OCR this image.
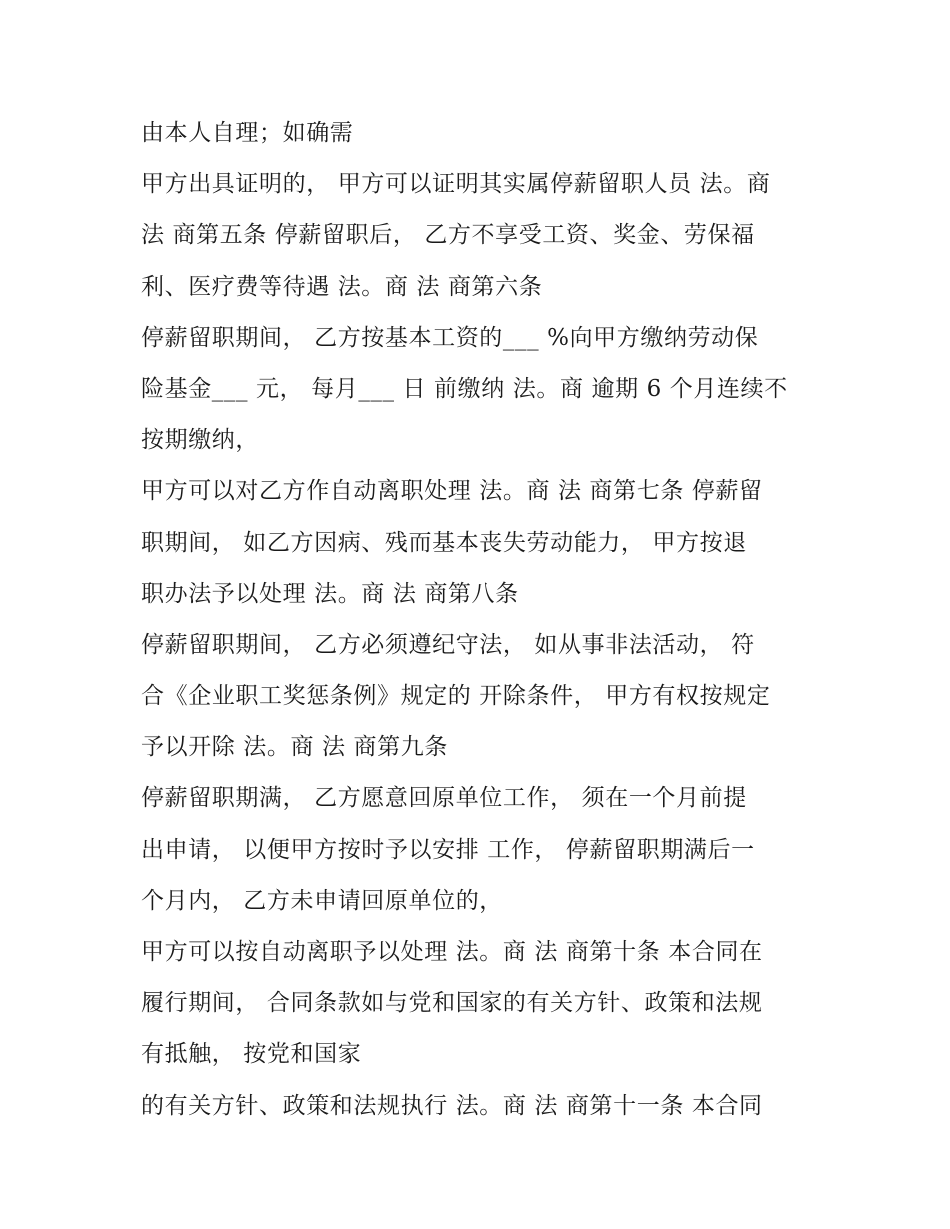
由本人自理；如确需
甲方出具证明的， 甲方可以证明其实属停薪留职人员 法。商
法 商第五条 停薪留职后， 乙方不享受工资、奖金、劳保福
利、医疗费等待遇 法。商 法 商第六条
停薪留职期间， 乙方按基本工资的___ %向甲方缴纳劳动保
险基金___ 元， 每月___ 日 前缴纳 法。商 逾期 6 个月连续不
按期缴纳，
甲方可以对乙方作自动离职处理 法。商 法 商第七条 停薪留
职期间， 如乙方因病、残而基本丧失劳动能力， 甲方按退
职办法予以处理 法。商 法 商第八条
停薪留职期间， 乙方必须遵纪守法， 如从事非法活动， 符
合《企业职工奖惩条例》规定的 开除条件， 甲方有权按规定
予以开除 法。商 法 商第九条
停薪留职期满， 乙方愿意回原单位工作， 须在一个月前提
出申请， 以便甲方按时予以安排 工作， 停薪留职期满后一
个月内， 乙方未申请回原单位的，
甲方可以按自动离职予以处理 法。商 法 商第十条 本合同在
履行期间， 合同条款如与党和国家的有关方针、政策和法规
有抵触， 按党和国家
的有关方针、政策和法规执行 法。商 法 商第十一条 本合同
